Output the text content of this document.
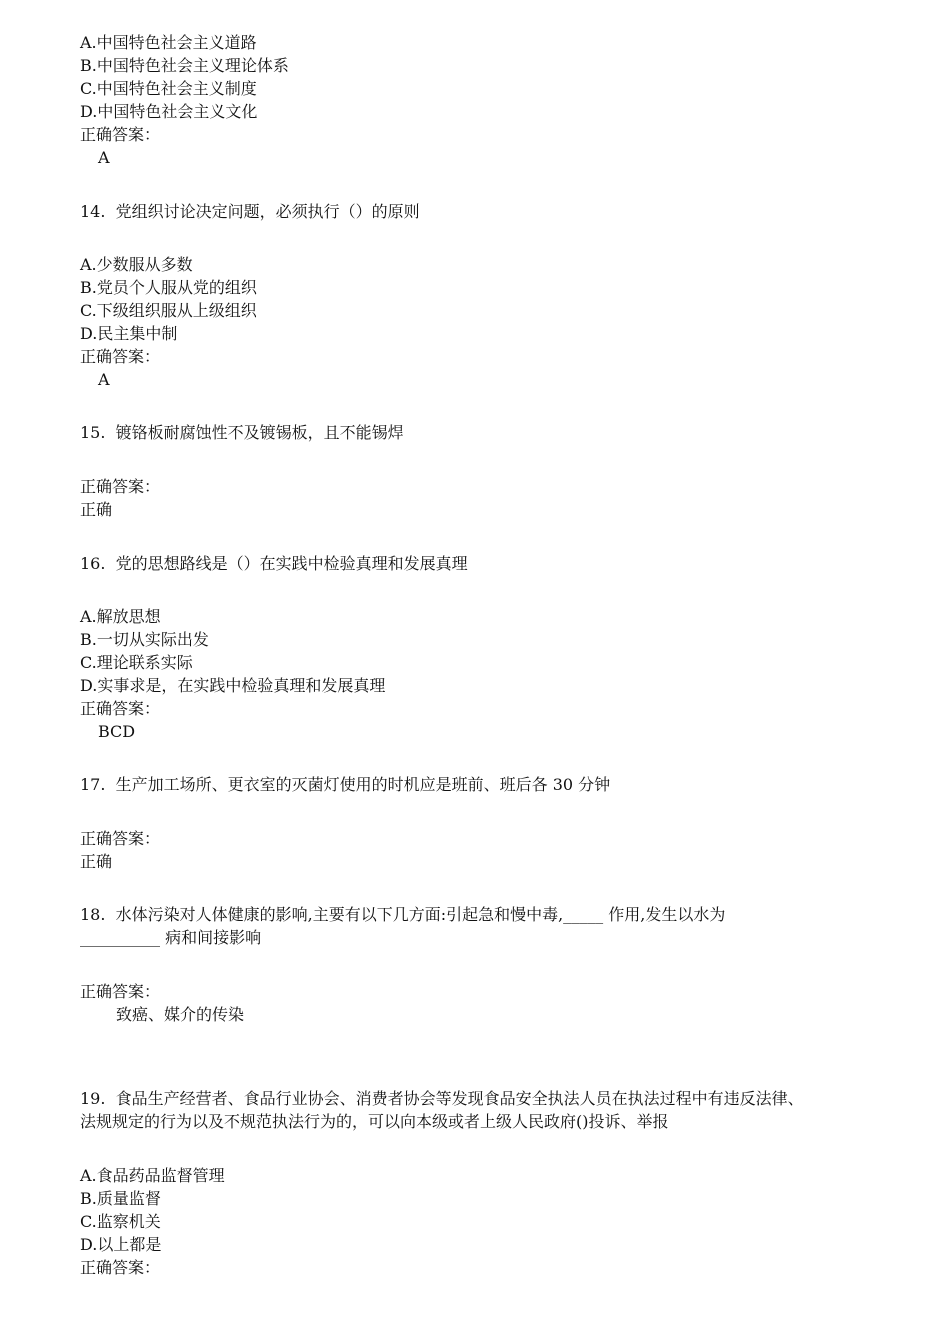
A.中国特色社会主义道路
B.中国特色社会主义理论体系
C.中国特色社会主义制度
D.中国特色社会主义文化
正确答案：
A
14.  党组织讨论决定问题，必须执行（）的原则
A.少数服从多数
B.党员个人服从党的组织
C.下级组织服从上级组织
D.民主集中制
正确答案：
A
15.  镀铬板耐腐蚀性不及镀锡板，且不能锡焊
正确答案：
正确
16.  党的思想路线是（）在实践中检验真理和发展真理
A.解放思想
B.一切从实际出发
C.理论联系实际
D.实事求是，在实践中检验真理和发展真理
正确答案：
BCD
17.  生产加工场所、更衣室的灭菌灯使用的时机应是班前、班后各 30 分钟
正确答案：
正确
18.  水体污染对人体健康的影响,主要有以下几方面:引起急和慢中毒,_____ 作用,发生以水为
__________ 病和间接影响
正确答案：
致癌、媒介的传染
19.  食品生产经营者、食品行业协会、消费者协会等发现食品安全执法人员在执法过程中有违反法律、
法规规定的行为以及不规范执法行为的，可以向本级或者上级人民政府()投诉、举报
A.食品药品监督管理
B.质量监督
C.监察机关
D.以上都是
正确答案：
